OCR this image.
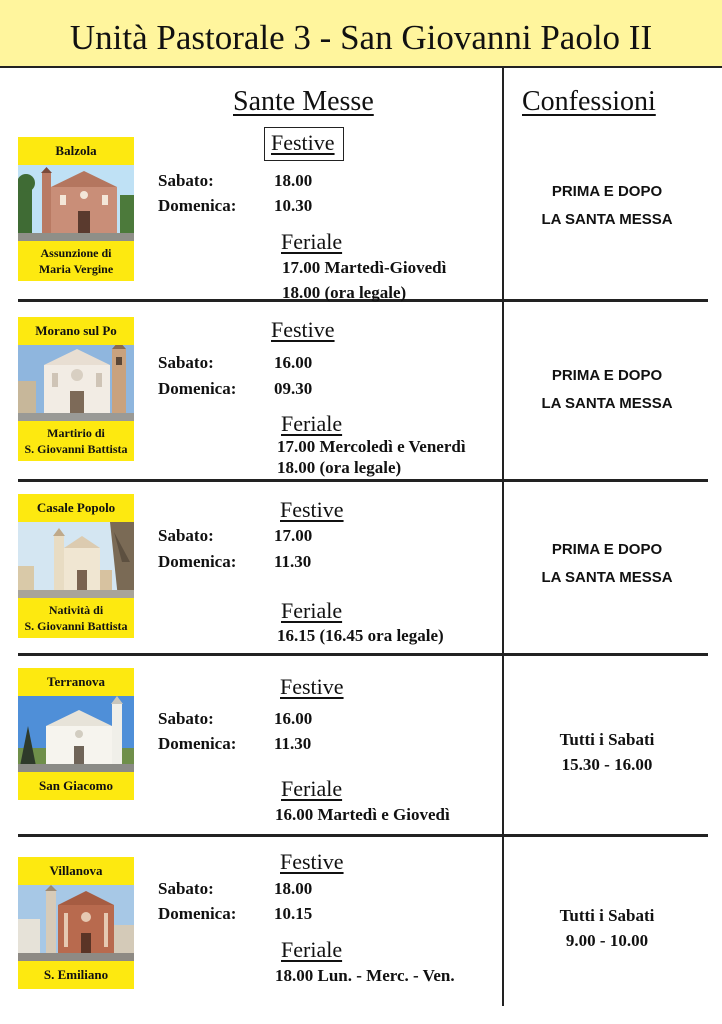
Unità Pastorale 3 - San Giovanni Paolo II
Sante Messe	Confessioni
Balzola
Assunzione di
Maria Vergine
Festive
Sabato:	18.00
Domenica: 10.30
Feriale
17.00 Martedì-Giovedì
18.00 (ora legale)
PRIMA E DOPO
LA SANTA MESSA
Morano sul Po
Martirio di
S. Giovanni Battista
Festive
Sabato:	16.00
Domenica: 09.30
Feriale
17.00 Mercoledì e Venerdì
18.00 (ora legale)
PRIMA E DOPO
LA SANTA MESSA
Casale Popolo
Natività di
S. Giovanni Battista
Festive
Sabato:	17.00
Domenica: 11.30
Feriale
16.15 (16.45 ora legale)
PRIMA E DOPO
LA SANTA MESSA
Terranova
San Giacomo
Festive
Sabato:	16.00
Domenica: 11.30
Feriale
16.00 Martedì e Giovedì
Tutti i Sabati
15.30 - 16.00
Villanova
S. Emiliano
Festive
Sabato:	18.00
Domenica: 10.15
Feriale
18.00 Lun. - Merc. - Ven.
Tutti i Sabati
9.00 - 10.00
